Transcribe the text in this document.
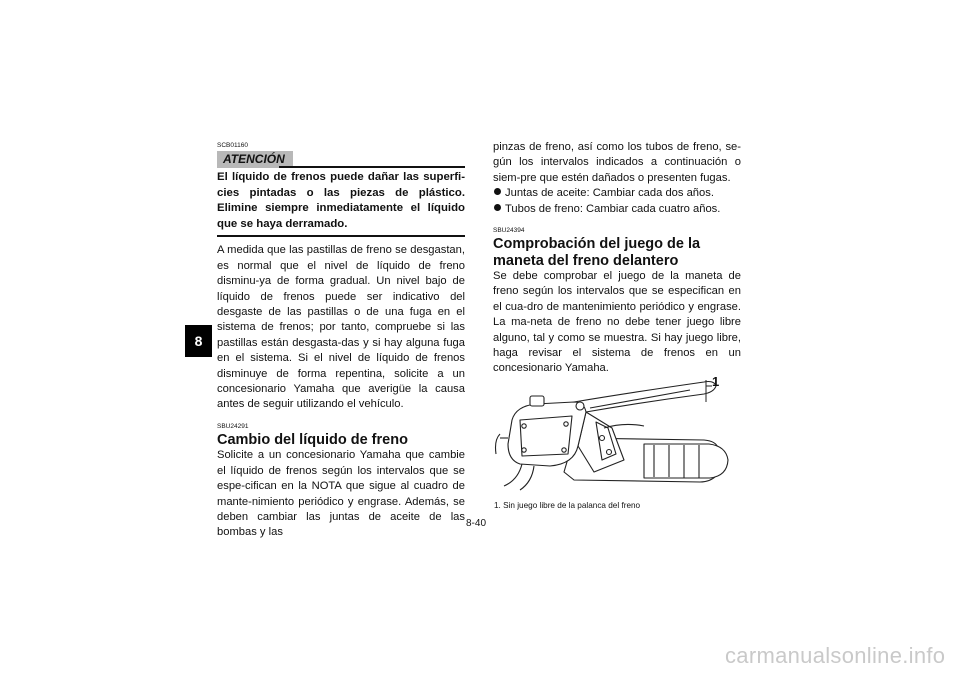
8
SCB01160
ATENCIÓN
El líquido de frenos puede dañar las superfi-cies pintadas o las piezas de plástico. Elimine siempre inmediatamente el líquido que se haya derramado.

A medida que las pastillas de freno se desgastan, es normal que el nivel de líquido de freno disminu-ya de forma gradual. Un nivel bajo de líquido de frenos puede ser indicativo del desgaste de las pastillas o de una fuga en el sistema de frenos; por tanto, compruebe si las pastillas están desgasta-das y si hay alguna fuga en el sistema. Si el nivel de líquido de frenos disminuye de forma repentina, solicite a un concesionario Yamaha que averigüe la causa antes de seguir utilizando el vehículo.

SBU24291
Cambio del líquido de freno

Solicite a un concesionario Yamaha que cambie el líquido de frenos según los intervalos que se espe-cifican en la NOTA que sigue al cuadro de mante-nimiento periódico y engrase. Además, se deben cambiar las juntas de aceite de las bombas y las

pinzas de freno, así como los tubos de freno, se-gún los intervalos indicados a continuación o siem-pre que estén dañados o presenten fugas.

Juntas de aceite: Cambiar cada dos años.
Tubos de freno: Cambiar cada cuatro años.
SBU24394
Comprobación del juego de la maneta del freno delantero

Se debe comprobar el juego de la maneta de freno según los intervalos que se especifican en el cua-dro de mantenimiento periódico y engrase. La ma-neta de freno no debe tener juego libre alguno, tal y como se muestra. Si hay juego libre, haga revisar el sistema de frenos en un concesionario Yamaha.

1
1. Sin juego libre de la palanca del freno
8-40
carmanualsonline.info
